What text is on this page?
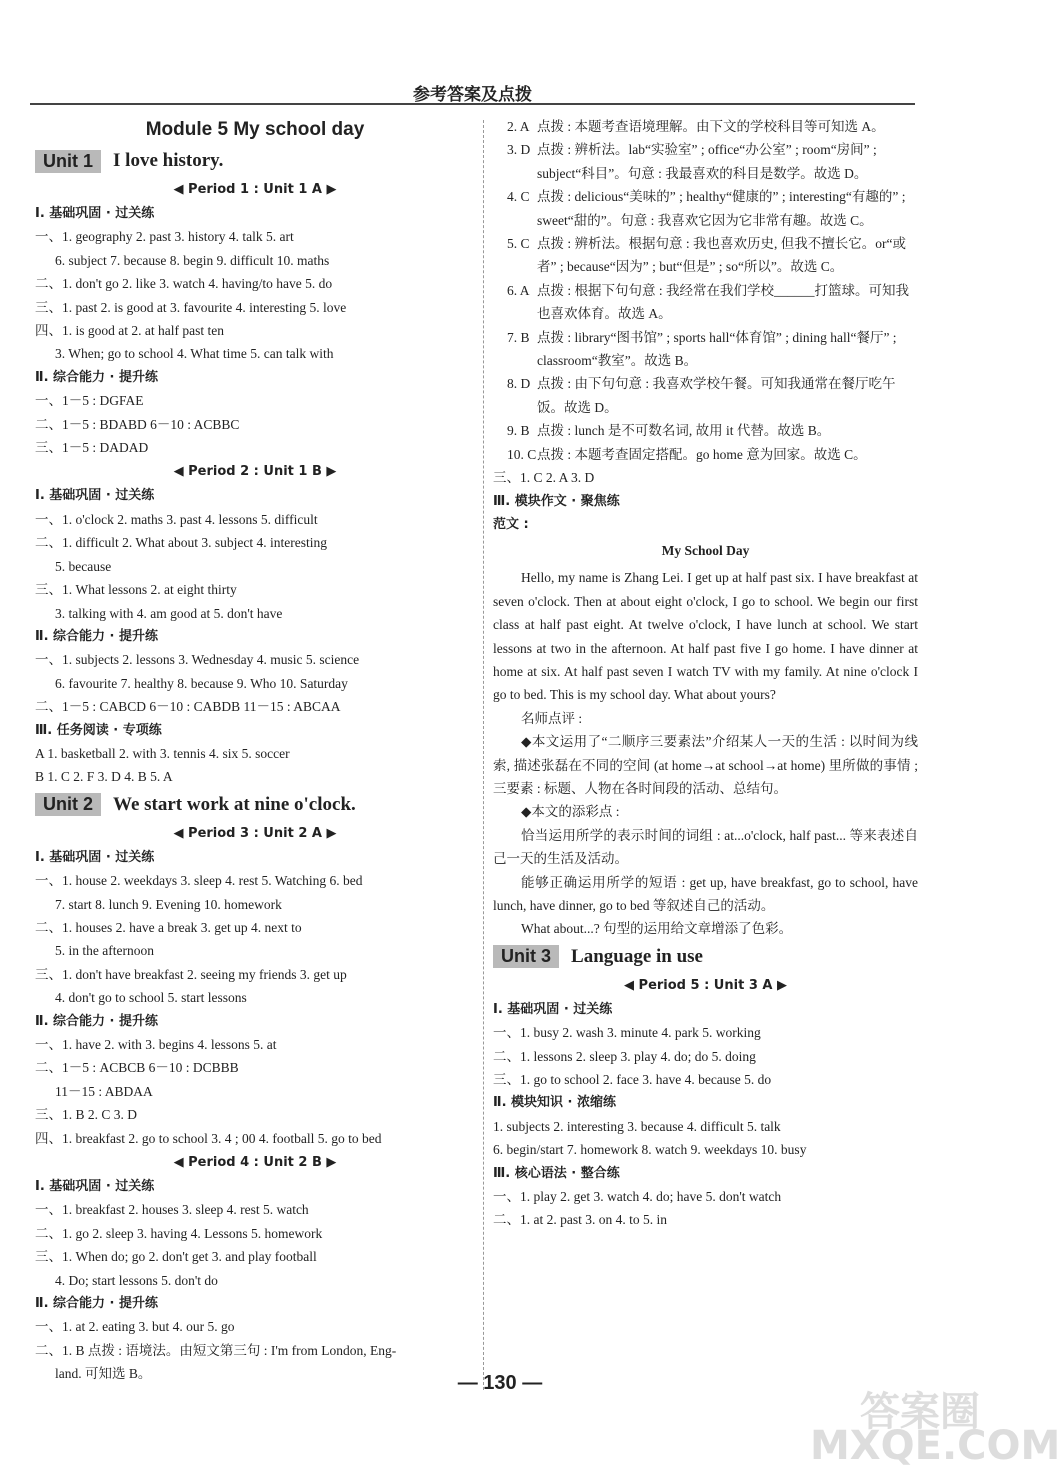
参考答案及点拨
Module 5 My school day
Unit 1	I love history.
◀ Period 1 : Unit 1 A ▶
Ⅰ. 基础巩固 · 过关练
一、1. geography 2. past 3. history 4. talk 5. art
6. subject 7. because 8. begin 9. difficult 10. maths
二、1. don't go 2. like 3. watch 4. having/to have 5. do
三、1. past 2. is good at 3. favourite 4. interesting 5. love
四、1. is good at 2. at half past ten
3. When; go to school 4. What time 5. can talk with
Ⅱ. 综合能力 · 提升练
一、1－5 : DGFAE
二、1－5 : BDABD 6－10 : ACBBC
三、1－5 : DADAD
◀ Period 2 : Unit 1 B ▶
Ⅰ. 基础巩固 · 过关练
一、1. o'clock 2. maths 3. past 4. lessons 5. difficult
二、1. difficult 2. What about 3. subject 4. interesting
5. because
三、1. What lessons 2. at eight thirty
3. talking with 4. am good at 5. don't have
Ⅱ. 综合能力 · 提升练
一、1. subjects 2. lessons 3. Wednesday 4. music 5. science
6. favourite 7. healthy 8. because 9. Who 10. Saturday
二、1－5 : CABCD 6－10 : CABDB 11－15 : ABCAA
Ⅲ. 任务阅读 · 专项练
A 1. basketball 2. with 3. tennis 4. six 5. soccer
B 1. C 2. F 3. D 4. B 5. A
Unit 2	We start work at nine o'clock.
◀ Period 3 : Unit 2 A ▶
Ⅰ. 基础巩固 · 过关练
一、1. house 2. weekdays 3. sleep 4. rest 5. Watching 6. bed
7. start 8. lunch 9. Evening 10. homework
二、1. houses 2. have a break 3. get up 4. next to
5. in the afternoon
三、1. don't have breakfast 2. seeing my friends 3. get up
4. don't go to school 5. start lessons
Ⅱ. 综合能力 · 提升练
一、1. have 2. with 3. begins 4. lessons 5. at
二、1－5 : ACBCB 6－10 : DCBBB
11－15 : ABDAA
三、1. B 2. C 3. D
四、1. breakfast 2. go to school 3. 4 ; 00 4. football 5. go to bed
◀ Period 4 : Unit 2 B ▶
Ⅰ. 基础巩固 · 过关练
一、1. breakfast 2. houses 3. sleep 4. rest 5. watch
二、1. go 2. sleep 3. having 4. Lessons 5. homework
三、1. When do; go 2. don't get 3. and play football
4. Do; start lessons 5. don't do
Ⅱ. 综合能力 · 提升练
一、1. at 2. eating 3. but 4. our 5. go
二、1. B 点拨 : 语境法。由短文第三句 : I'm from London, Eng-
land. 可知选 B。
2. A 点拨 : 本题考查语境理解。由下文的学校科目等可知选 A。
3. D 点拨 : 辨析法。lab“实验室” ; office“办公室” ; room“房间” ; subject“科目”。句意 : 我最喜欢的科目是数学。故选 D。
4. C 点拨 : delicious“美味的” ; healthy“健康的” ; interesting“有趣的” ; sweet“甜的”。句意 : 我喜欢它因为它非常有趣。故选 C。
5. C 点拨 : 辨析法。根据句意 : 我也喜欢历史, 但我不擅长它。or“或者” ; because“因为” ; but“但是” ; so“所以”。故选 C。
6. A 点拨 : 根据下句句意 : 我经常在我们学校______打篮球。可知我也喜欢体育。故选 A。
7. B 点拨 : library“图书馆” ; sports hall“体育馆” ; dining hall“餐厅” ; classroom“教室”。故选 B。
8. D 点拨 : 由下句句意 : 我喜欢学校午餐。可知我通常在餐厅吃午饭。故选 D。
9. B 点拨 : lunch 是不可数名词, 故用 it 代替。故选 B。
10. C 点拨 : 本题考查固定搭配。go home 意为回家。故选 C。
三、1. C 2. A 3. D
Ⅲ. 模块作文 · 聚焦练
范文 :
My School Day
Hello, my name is Zhang Lei. I get up at half past six. I have breakfast at seven o'clock. Then at about eight o'clock, I go to school. We begin our first class at half past eight. At twelve o'clock, I have lunch at school. We start lessons at two in the afternoon. At half past five I go home. I have dinner at home at six. At half past seven I watch TV with my family. At nine o'clock I go to bed. This is my school day. What about yours?
名师点评 :
◆本文运用了“二顺序三要素法”介绍某人一天的生活 : 以时间为线索, 描述张磊在不同的空间 (at home→at school→at home) 里所做的事情 ; 三要素 : 标题、人物在各时间段的活动、总结句。
◆本文的添彩点 :
恰当运用所学的表示时间的词组 : at...o'clock, half past... 等来表述自己一天的生活及活动。
能够正确运用所学的短语 : get up, have breakfast, go to school, have lunch, have dinner, go to bed 等叙述自己的活动。
What about...? 句型的运用给文章增添了色彩。
Unit 3	Language in use
◀ Period 5 : Unit 3 A ▶
Ⅰ. 基础巩固 · 过关练
一、1. busy 2. wash 3. minute 4. park 5. working
二、1. lessons 2. sleep 3. play 4. do; do 5. doing
三、1. go to school 2. face 3. have 4. because 5. do
Ⅱ. 模块知识 · 浓缩练
1. subjects 2. interesting 3. because 4. difficult 5. talk
6. begin/start 7. homework 8. watch 9. weekdays 10. busy
Ⅲ. 核心语法 · 整合练
一、1. play 2. get 3. watch 4. do; have 5. don't watch
二、1. at 2. past 3. on 4. to 5. in
— 130 —
答案圈 MXQE.COM
